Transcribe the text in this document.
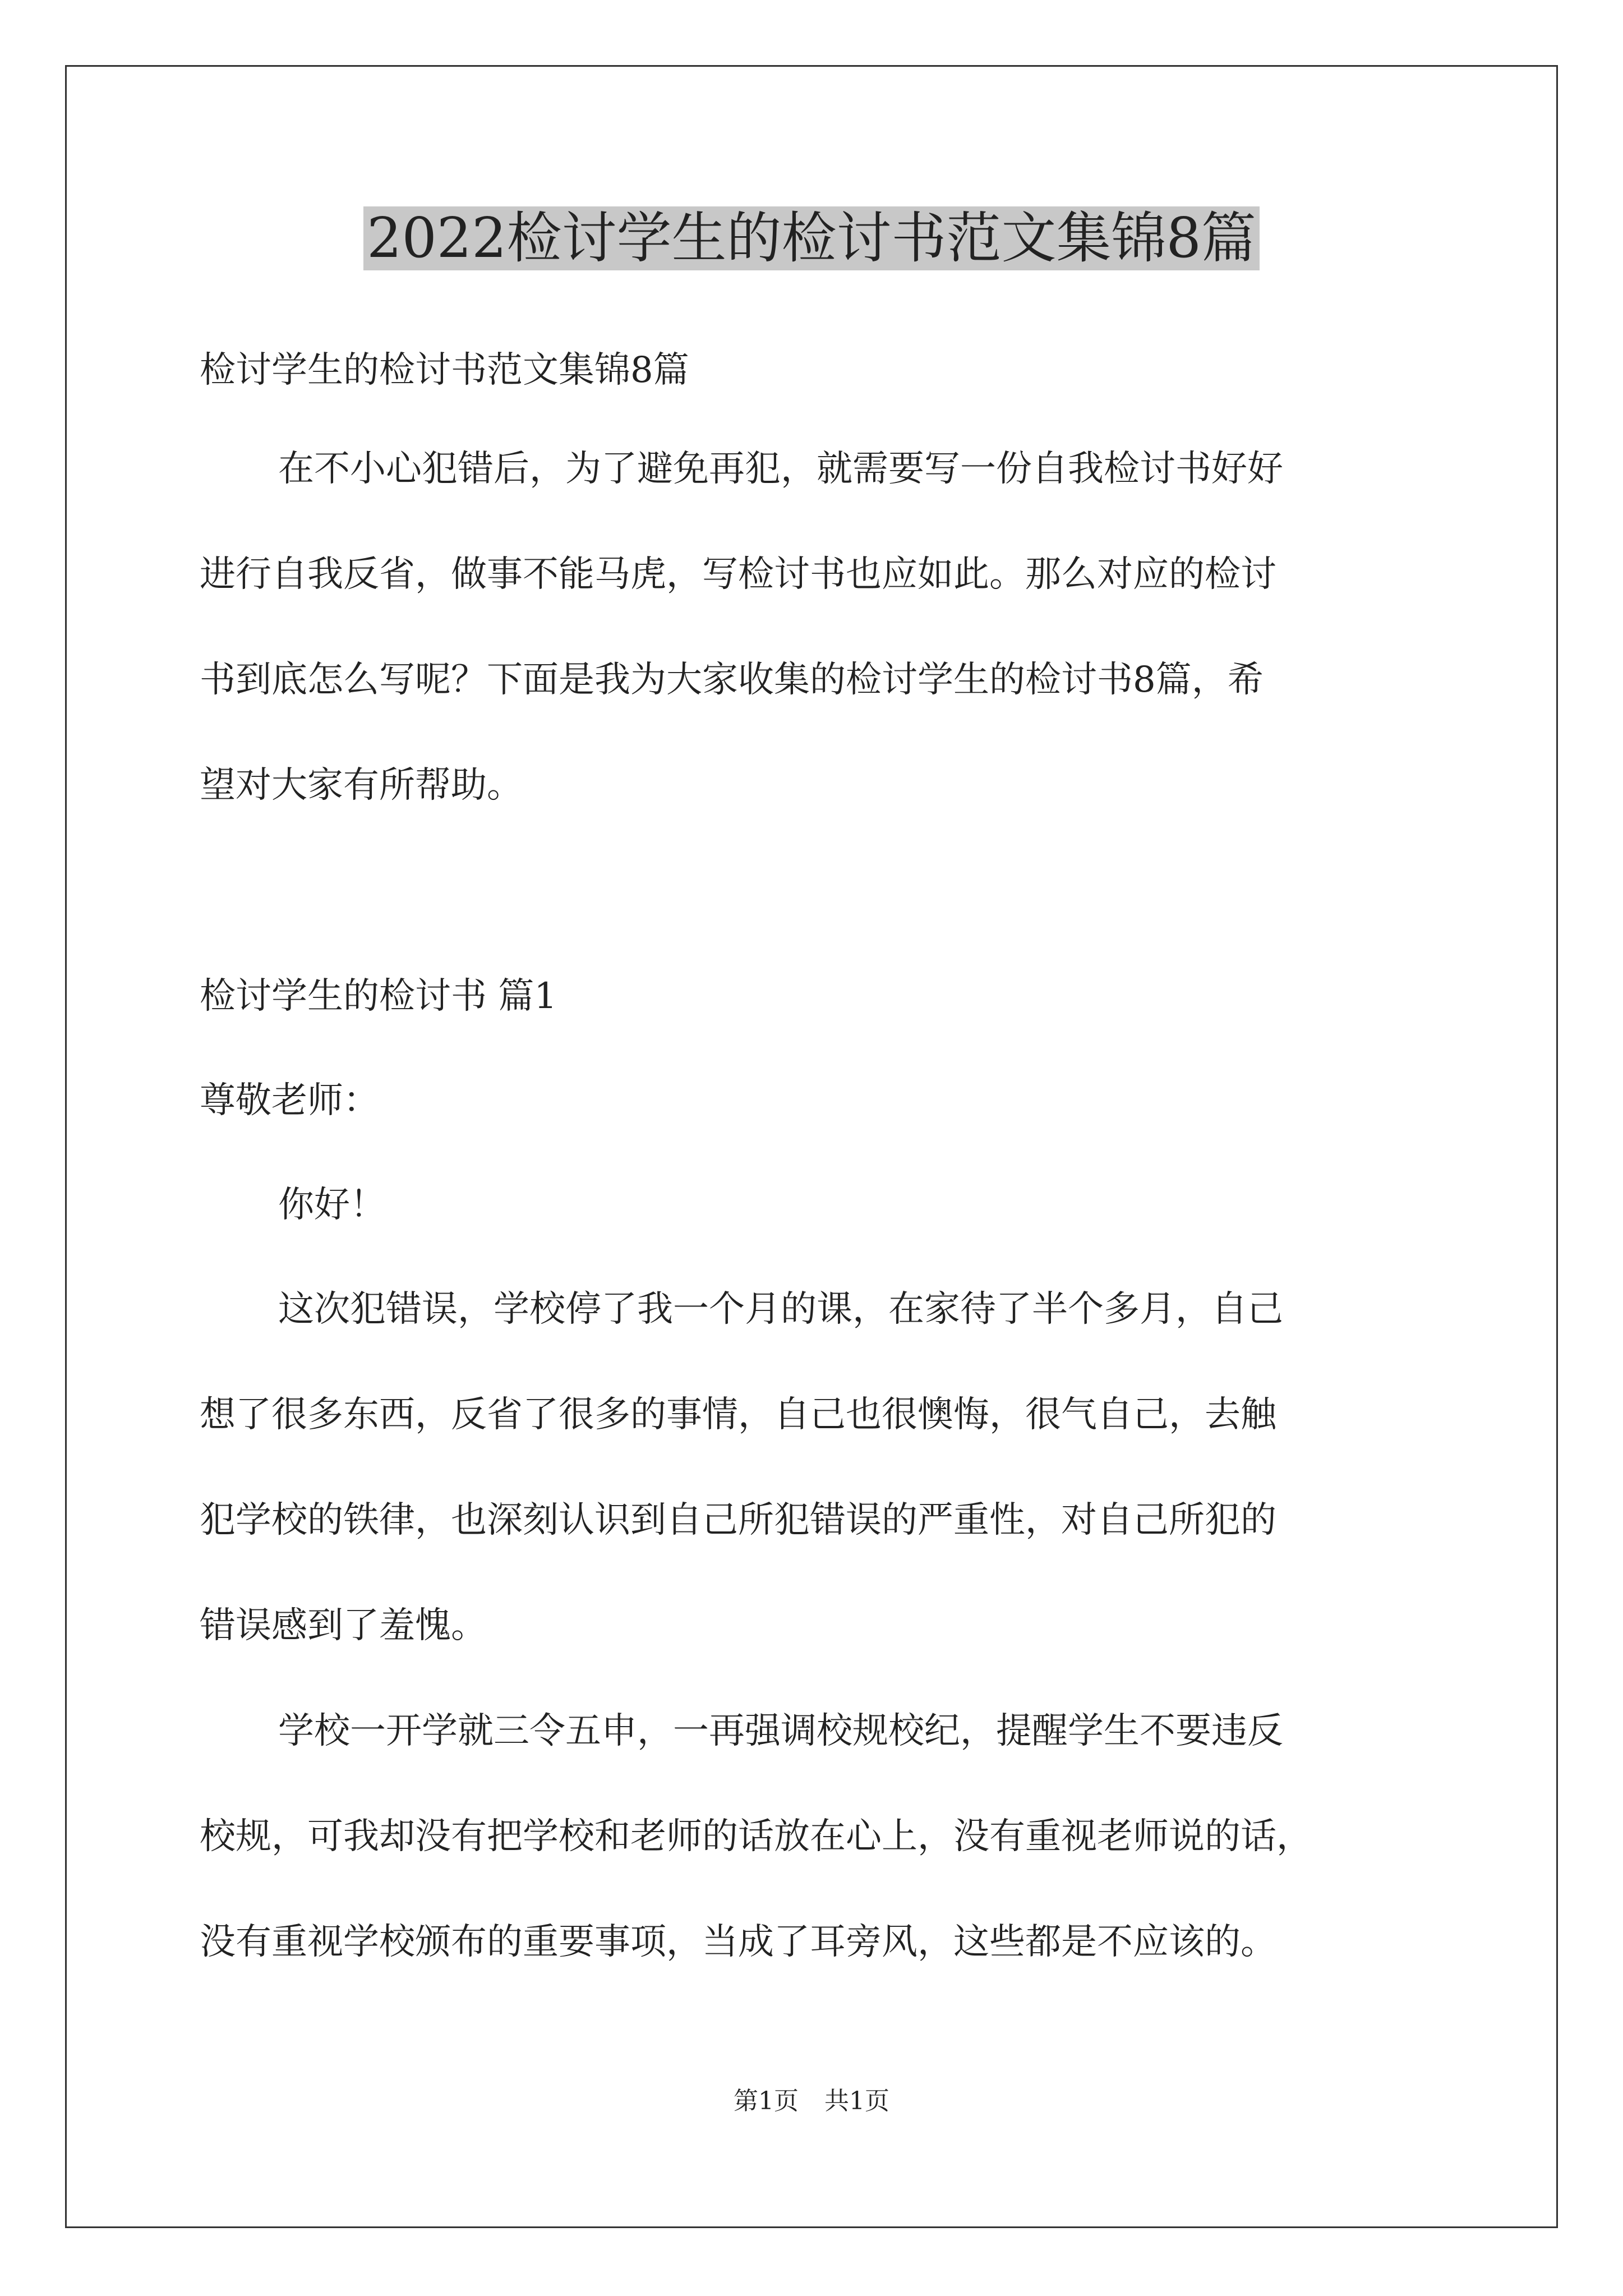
2022检讨学生的检讨书范文集锦8篇

检讨学生的检讨书范文集锦8篇

在不小心犯错后，为了避免再犯，就需要写一份自我检讨书好好

进行自我反省，做事不能马虎，写检讨书也应如此。那么对应的检讨

书到底怎么写呢？下面是我为大家收集的检讨学生的检讨书8篇，希

望对大家有所帮助。

检讨学生的检讨书 篇1

尊敬老师：

你好！

这次犯错误，学校停了我一个月的课，在家待了半个多月，自己

想了很多东西，反省了很多的事情，自己也很懊悔，很气自己，去触

犯学校的铁律，也深刻认识到自己所犯错误的严重性，对自己所犯的

错误感到了羞愧。

学校一开学就三令五申，一再强调校规校纪，提醒学生不要违反

校规，可我却没有把学校和老师的话放在心上，没有重视老师说的话，

没有重视学校颁布的重要事项，当成了耳旁风，这些都是不应该的。

第1页 共1页
